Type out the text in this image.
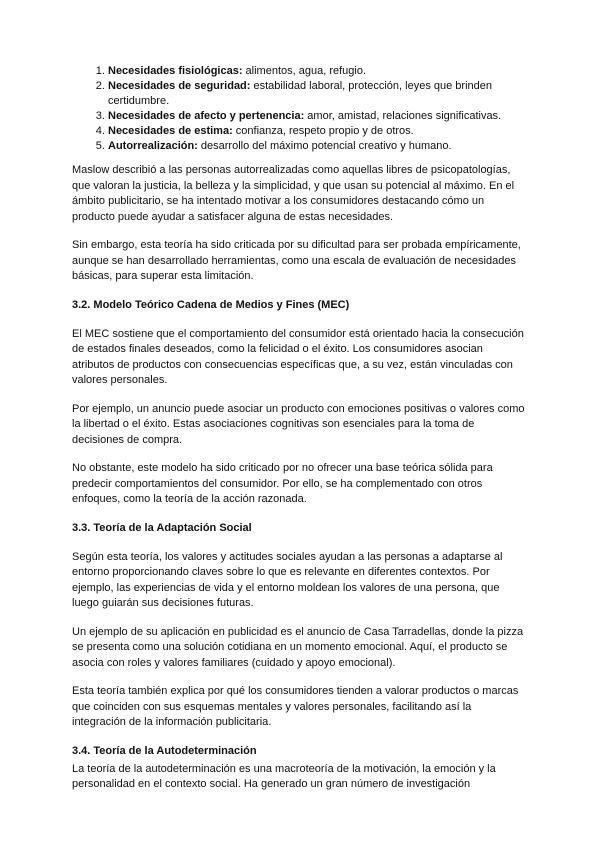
1. Necesidades fisiológicas: alimentos, agua, refugio.
2. Necesidades de seguridad: estabilidad laboral, protección, leyes que brinden certidumbre.
3. Necesidades de afecto y pertenencia: amor, amistad, relaciones significativas.
4. Necesidades de estima: confianza, respeto propio y de otros.
5. Autorrealización: desarrollo del máximo potencial creativo y humano.

Maslow describió a las personas autorrealizadas como aquellas libres de psicopatologías, que valoran la justicia, la belleza y la simplicidad, y que usan su potencial al máximo. En el ámbito publicitario, se ha intentado motivar a los consumidores destacando cómo un producto puede ayudar a satisfacer alguna de estas necesidades.

Sin embargo, esta teoría ha sido criticada por su dificultad para ser probada empíricamente, aunque se han desarrollado herramientas, como una escala de evaluación de necesidades básicas, para superar esta limitación.

3.2. Modelo Teórico Cadena de Medios y Fines (MEC)

El MEC sostiene que el comportamiento del consumidor está orientado hacia la consecución de estados finales deseados, como la felicidad o el éxito. Los consumidores asocian atributos de productos con consecuencias específicas que, a su vez, están vinculadas con valores personales.

Por ejemplo, un anuncio puede asociar un producto con emociones positivas o valores como la libertad o el éxito. Estas asociaciones cognitivas son esenciales para la toma de decisiones de compra.

No obstante, este modelo ha sido criticado por no ofrecer una base teórica sólida para predecir comportamientos del consumidor. Por ello, se ha complementado con otros enfoques, como la teoría de la acción razonada.

3.3. Teoría de la Adaptación Social

Según esta teoría, los valores y actitudes sociales ayudan a las personas a adaptarse al entorno proporcionando claves sobre lo que es relevante en diferentes contextos. Por ejemplo, las experiencias de vida y el entorno moldean los valores de una persona, que luego guiarán sus decisiones futuras.

Un ejemplo de su aplicación en publicidad es el anuncio de Casa Tarradellas, donde la pizza se presenta como una solución cotidiana en un momento emocional. Aquí, el producto se asocia con roles y valores familiares (cuidado y apoyo emocional).

Esta teoría también explica por qué los consumidores tienden a valorar productos o marcas que coinciden con sus esquemas mentales y valores personales, facilitando así la integración de la información publicitaria.

3.4. Teoría de la Autodeterminación

La teoría de la autodeterminación es una macroteoría de la motivación, la emoción y la personalidad en el contexto social. Ha generado un gran número de investigación
